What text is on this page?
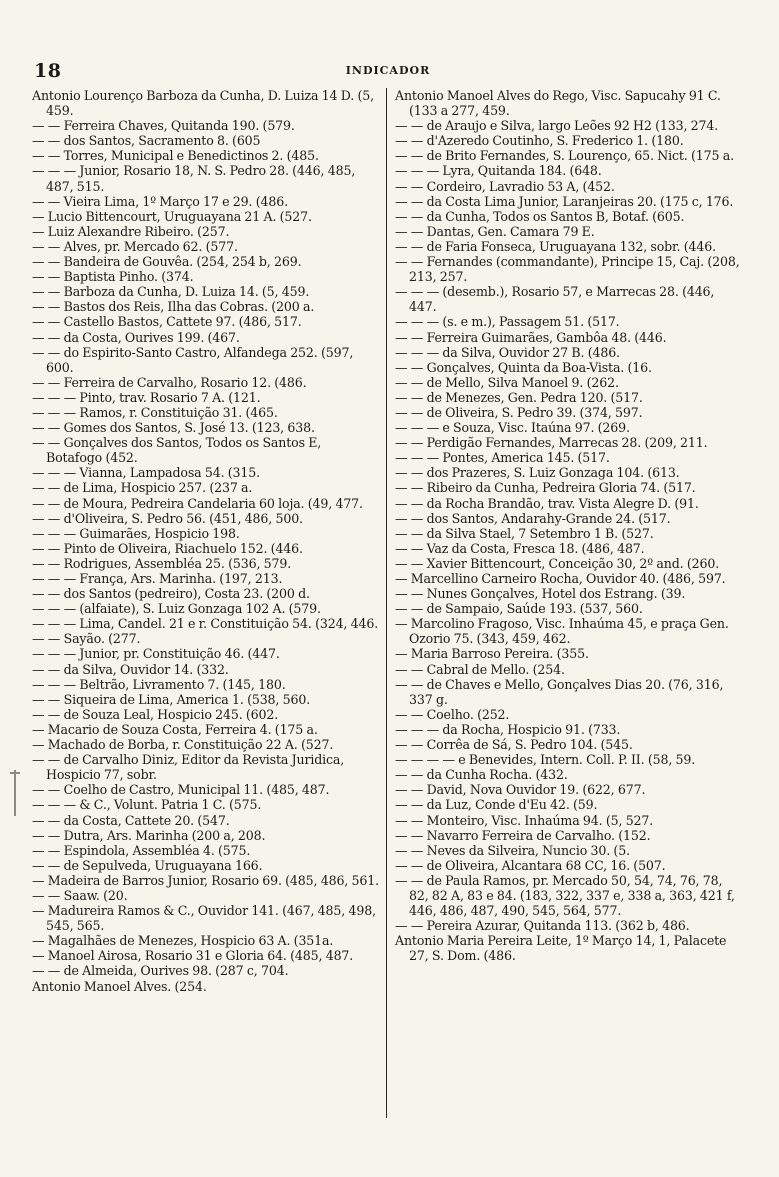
18	INDICADOR
Antonio Lourenço Barboza da Cunha, D. Luiza 14 D. (5, 459.
— — Ferreira Chaves, Quitanda 190. (579.
— — dos Santos, Sacramento 8. (605
— — Torres, Municipal e Benedictinos 2. (485.
— — — Junior, Rosario 18, N. S. Pedro 28. (446, 485, 487, 515.
— — Vieira Lima, 1º Março 17 e 29. (486.
— Lucio Bittencourt, Uruguayana 21 A. (527.
— Luiz Alexandre Ribeiro. (257.
— — Alves, pr. Mercado 62. (577.
— — Bandeira de Gouvêa. (254, 254 b, 269.
— — Baptista Pinho. (374.
— — Barboza da Cunha, D. Luiza 14. (5, 459.
— — Bastos dos Reis, Ilha das Cobras. (200 a.
— — Castello Bastos, Cattete 97. (486, 517.
— — da Costa, Ourives 199. (467.
— — do Espirito-Santo Castro, Alfandega 252. (597, 600.
— — Ferreira de Carvalho, Rosario 12. (486.
— — — Pinto, trav. Rosario 7 A. (121.
— — — Ramos, r. Constituição 31. (465.
— — Gomes dos Santos, S. José 13. (123, 638.
— — Gonçalves dos Santos, Todos os Santos E, Botafogo (452.
— — — Vianna, Lampadosa 54. (315.
— — de Lima, Hospicio 257. (237 a.
— — de Moura, Pedreira Candelaria 60 loja. (49, 477.
— — d'Oliveira, S. Pedro 56. (451, 486, 500.
— — — Guimarães, Hospicio 198.
— — Pinto de Oliveira, Riachuelo 152. (446.
— — Rodrigues, Assembléa 25. (536, 579.
— — — França, Ars. Marinha. (197, 213.
— — dos Santos (pedreiro), Costa 23. (200 d.
— — — (alfaiate), S. Luiz Gonzaga 102 A. (579.
— — — Lima, Candel. 21 e r. Constituição 54. (324, 446.
— — Sayão. (277.
— — — Junior, pr. Constituição 46. (447.
— — da Silva, Ouvidor 14. (332.
— — — Beltrão, Livramento 7. (145, 180.
— — Siqueira de Lima, America 1. (538, 560.
— — de Souza Leal, Hospicio 245. (602.
— Macario de Souza Costa, Ferreira 4. (175 a.
— Machado de Borba, r. Constituição 22 A. (527.
— — de Carvalho Diniz, Editor da Revista Juridica, Hospicio 77, sobr.
— — Coelho de Castro, Municipal 11. (485, 487.
— — — & C., Volunt. Patria 1 C. (575.
— — da Costa, Cattete 20. (547.
— — Dutra, Ars. Marinha (200 a, 208.
— — Espindola, Assembléa 4. (575.
— — de Sepulveda, Uruguayana 166.
— Madeira de Barros Junior, Rosario 69. (485, 486, 561.
— — Saaw. (20.
— Madureira Ramos & C., Ouvidor 141. (467, 485, 498, 545, 565.
— Magalhães de Menezes, Hospicio 63 A. (351a.
— Manoel Airosa, Rosario 31 e Gloria 64. (485, 487.
— — de Almeida, Ourives 98. (287 c, 704.
Antonio Manoel Alves. (254.
Antonio Manoel Alves do Rego, Visc. Sapucahy 91 C. (133 a 277, 459.
— — de Araujo e Silva, largo Leões 92 H2 (133, 274.
— — d'Azeredo Coutinho, S. Frederico 1. (180.
— — de Brito Fernandes, S. Lourenço, 65. Nict. (175 a.
— — — Lyra, Quitanda 184. (648.
— — Cordeiro, Lavradio 53 A, (452.
— — da Costa Lima Junior, Laranjeiras 20. (175 c, 176.
— — da Cunha, Todos os Santos B, Botaf. (605.
— — Dantas, Gen. Camara 79 E.
— — de Faria Fonseca, Uruguayana 132, sobr. (446.
— — Fernandes (commandante), Principe 15, Caj. (208, 213, 257.
— — — (desemb.), Rosario 57, e Marrecas 28. (446, 447.
— — — (s. e m.), Passagem 51. (517.
— — Ferreira Guimarães, Gambôa 48. (446.
— — — da Silva, Ouvidor 27 B. (486.
— — Gonçalves, Quinta da Boa-Vista. (16.
— — de Mello, Silva Manoel 9. (262.
— — de Menezes, Gen. Pedra 120. (517.
— — de Oliveira, S. Pedro 39. (374, 597.
— — — e Souza, Visc. Itaúna 97. (269.
— — Perdigão Fernandes, Marrecas 28. (209, 211.
— — — Pontes, America 145. (517.
— — dos Prazeres, S. Luiz Gonzaga 104. (613.
— — Ribeiro da Cunha, Pedreira Gloria 74. (517.
— — da Rocha Brandão, trav. Vista Alegre D. (91.
— — dos Santos, Andarahy-Grande 24. (517.
— — da Silva Stael, 7 Setembro 1 B. (527.
— — Vaz da Costa, Fresca 18. (486, 487.
— — Xavier Bittencourt, Conceição 30, 2º and. (260.
— Marcellino Carneiro Rocha, Ouvidor 40. (486, 597.
— — Nunes Gonçalves, Hotel dos Estrang. (39.
— — de Sampaio, Saúde 193. (537, 560.
— Marcolino Fragoso, Visc. Inhaúma 45, e praça Gen. Ozorio 75. (343, 459, 462.
— Maria Barroso Pereira. (355.
— — Cabral de Mello. (254.
— — de Chaves e Mello, Gonçalves Dias 20. (76, 316, 337 g.
— — Coelho. (252.
— — — da Rocha, Hospicio 91. (733.
— — Corrêa de Sá, S. Pedro 104. (545.
— — — — e Benevides, Intern. Coll. P. II. (58, 59.
— — da Cunha Rocha. (432.
— — David, Nova Ouvidor 19. (622, 677.
— — da Luz, Conde d'Eu 42. (59.
— — Monteiro, Visc. Inhaúma 94. (5, 527.
— — Navarro Ferreira de Carvalho. (152.
— — Neves da Silveira, Nuncio 30. (5.
— — de Oliveira, Alcantara 68 CC, 16. (507.
— — de Paula Ramos, pr. Mercado 50, 54, 74, 76, 78, 82, 82 A, 83 e 84. (183, 322, 337 e, 338 a, 363, 421 f, 446, 486, 487, 490, 545, 564, 577.
— — Pereira Azurar, Quitanda 113. (362 b, 486.
Antonio Maria Pereira Leite, 1º Março 14, 1, Palacete 27, S. Dom. (486.
